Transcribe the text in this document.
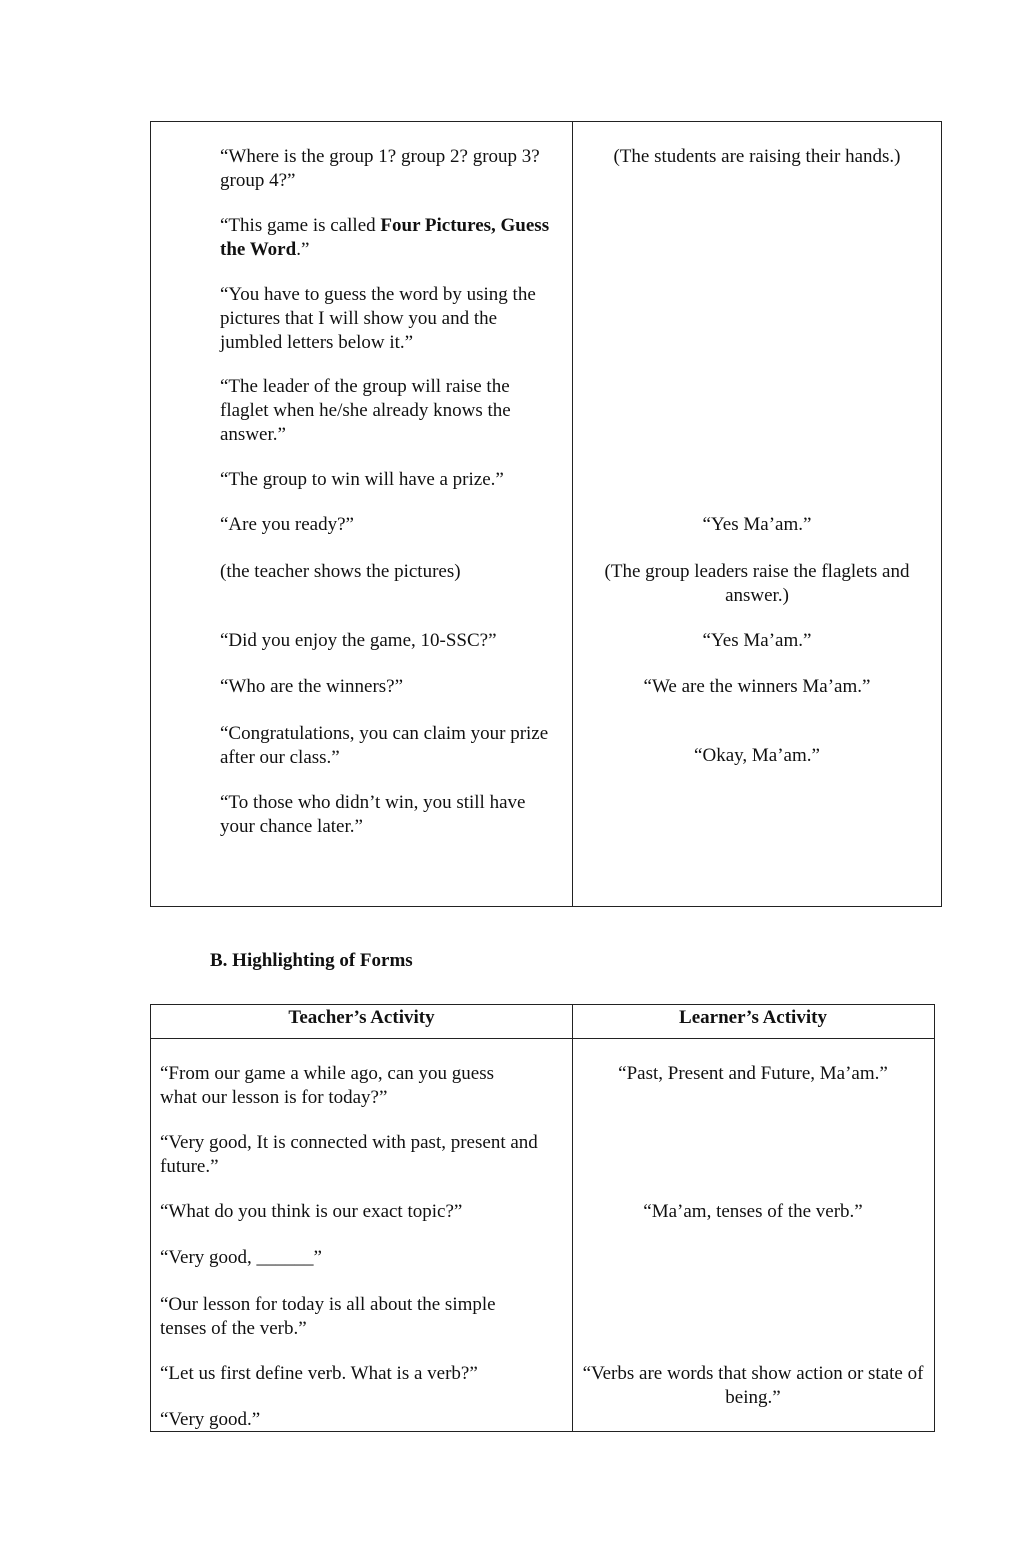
“Where is the group 1? group 2? group 3? group 4?”

“This game is called Four Pictures, Guess the Word.”

“You have to guess the word by using the pictures that I will show you and the jumbled letters below it.”

“The leader of the group will raise the flaglet when he/she already knows the answer.”

“The group to win will have a prize.”

“Are you ready?”

(the teacher shows the pictures)

“Did you enjoy the game, 10-SSC?”

“Who are the winners?”

“Congratulations, you can claim your prize after our class.”

“To those who didn’t win, you still have your chance later.”

(The students are raising their hands.)

“Yes Ma’am.”

(The group leaders raise the flaglets and answer.)

“Yes Ma’am.”

“We are the winners Ma’am.”

“Okay, Ma’am.”

B. Highlighting of Forms
Teacher’s Activity	Learner’s Activity

“From our game a while ago, can you guess what our lesson is for today?”

“Very good, It is connected with past, present and future.”

“What do you think is our exact topic?”

“Very good, ______”

“Our lesson for today is all about the simple tenses of the verb.”

“Let us first define verb. What is a verb?”

“Very good.”

“Past, Present and Future, Ma’am.”

“Ma’am, tenses of the verb.”

“Verbs are words that show action or state of being.”
